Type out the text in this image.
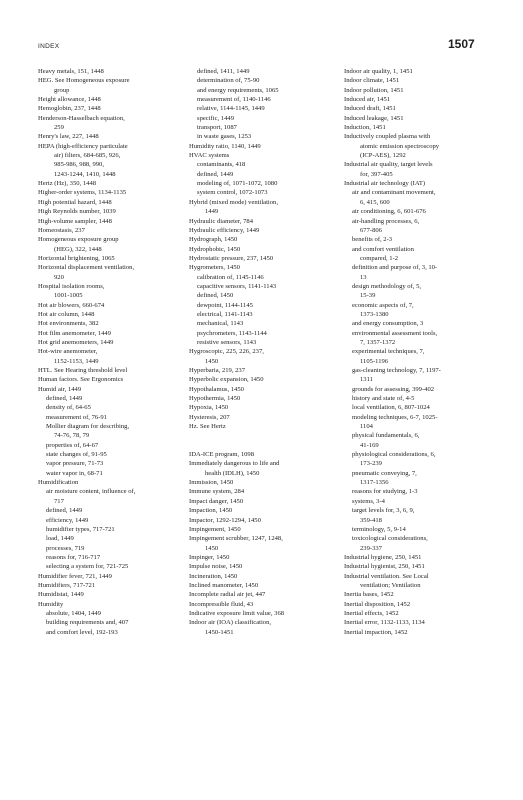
INDEX	1507
Heavy metals, 151, 1448
HEG. See Homogeneous exposure
group
Height allowance, 1448
Hemoglobin, 237, 1448
Henderson-Hasselbach equation,
259
Henry's law, 227, 1448
HEPA (high-efficiency particulate
air) filters, 684-685, 926,
985-986, 988, 990,
1243-1244, 1410, 1448
Hertz (Hz), 350, 1448
Higher-order systems, 1134-1135
High potential hazard, 1448
High Reynolds number, 1039
High-volume sampler, 1448
Homeostasis, 237
Homogeneous exposure group
(HEG), 322, 1448
Horizontal brightening, 1065
Horizontal displacement ventilation,
920
Hospital isolation rooms,
1001-1005
Hot air blowers, 660-674
Hot air column, 1448
Hot environments, 382
Hot film anemometer, 1449
Hot grid anemometers, 1449
Hot-wire anemometer,
1152-1153, 1449
HTL. See Hearing threshold level
Human factors. See Ergonomics
Humid air, 1449
defined, 1449
density of, 64-65
measurement of, 76-91
Mollier diagram for describing,
74-76, 78, 79
properties of, 64-67
state changes of, 91-95
vapor pressure, 71-73
water vapor in, 68-71
Humidification
air moisture content, influence of,
717
defined, 1449
efficiency, 1449
humidifier types, 717-721
load, 1449
processes, 719
reasons for, 716-717
selecting a system for, 721-725
Humidifier fever, 721, 1449
Humidifiers, 717-721
Humidistat, 1449
Humidity
absolute, 1404, 1449
building requirements and, 407
and comfort level, 192-193
defined, 1411, 1449
determination of, 75-90
and energy requirements, 1065
measurement of, 1140-1146
relative, 1144-1145, 1449
specific, 1449
transport, 1087
in waste gases, 1253
Humidity ratio, 1140, 1449
HVAC systems
contaminants, 418
defined, 1449
modeling of, 1071-1072, 1080
system control, 1072-1073
Hybrid (mixed mode) ventilation,
1449
Hydraulic diameter, 784
Hydraulic efficiency, 1449
Hydrograph, 1450
Hydrophobic, 1450
Hydrostatic pressure, 237, 1450
Hygrometers, 1450
calibration of, 1145-1146
capacitive sensors, 1141-1143
defined, 1450
dewpoint, 1144-1145
electrical, 1141-1143
mechanical, 1143
psychrometers, 1143-1144
resistive sensors, 1143
Hygroscopic, 225, 226, 237,
1450
Hyperbaria, 219, 237
Hyperbolic expansion, 1450
Hypothalamus, 1450
Hypothermia, 1450
Hypoxia, 1450
Hysteresis, 207
Hz. See Hertz

IDA-ICE program, 1098
Immediately dangerous to life and
health (IDLH), 1450
Immission, 1450
Immune system, 284
Impact danger, 1450
Impaction, 1450
Impactor, 1292-1294, 1450
Impingement, 1450
Impingement scrubber, 1247, 1248,
1450
Impinger, 1450
Impulse noise, 1450
Incineration, 1450
Inclined manometer, 1450
Incomplete radial air jet, 447
Incompressible fluid, 43
Indicative exposure limit value, 368
Indoor air (IOA) classification,
1450-1451
Indoor air quality, 1, 1451
Indoor climate, 1451
Indoor pollution, 1451
Induced air, 1451
Induced draft, 1451
Induced leakage, 1451
Induction, 1451
Inductively coupled plasma with
atomic emission spectroscopy
(ICP-AES), 1292
Industrial air quality, target levels
for, 397-405
Industrial air technology (IAT)
air and contaminant movement,
6, 415, 600
air conditioning, 6, 601-676
air-handling processes, 6,
677-806
benefits of, 2-3
and comfort ventilation
compared, 1-2
definition and purpose of, 3, 10-
13
design methodology of, 5,
15-39
economic aspects of, 7,
1373-1380
and energy consumption, 3
environmental assessment tools,
7, 1357-1372
experimental techniques, 7,
1105-1196
gas-cleaning technology, 7, 1197-
1311
grounds for assessing, 399-402
history and state of, 4-5
local ventilation, 6, 807-1024
modeling techniques, 6-7, 1025-
1104
physical fundamentals, 6,
41-169
physiological considerations, 6,
173-239
pneumatic conveying, 7,
1317-1356
reasons for studying, 1-3
systems, 3-4
target levels for, 3, 6, 9,
359-418
terminology, 5, 9-14
toxicological considerations,
239-337
Industrial hygiene, 250, 1451
Industrial hygienist, 250, 1451
Industrial ventilation. See Local
ventilation; Ventilation
Inertia bases, 1452
Inertial disposition, 1452
Inertial effects, 1452
Inertial error, 1132-1133, 1134
Inertial impaction, 1452
